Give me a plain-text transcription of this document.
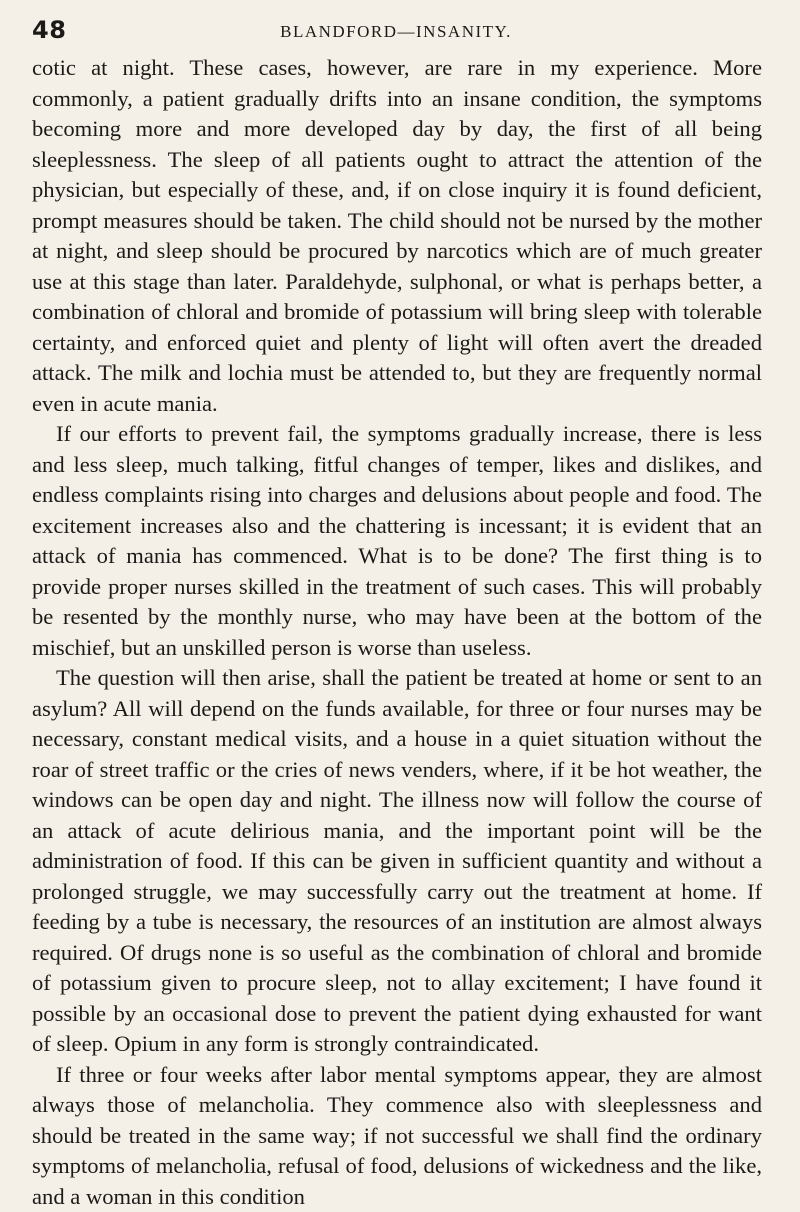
48	BLANDFORD—INSANITY.

cotic at night. These cases, however, are rare in my experience. More commonly, a patient gradually drifts into an insane condition, the symptoms becoming more and more developed day by day, the first of all being sleeplessness. The sleep of all patients ought to attract the attention of the physician, but especially of these, and, if on close inquiry it is found deficient, prompt measures should be taken. The child should not be nursed by the mother at night, and sleep should be procured by narcotics which are of much greater use at this stage than later. Paraldehyde, sulphonal, or what is perhaps better, a combination of chloral and bromide of potassium will bring sleep with tolerable certainty, and enforced quiet and plenty of light will often avert the dreaded attack. The milk and lochia must be attended to, but they are frequently normal even in acute mania.

If our efforts to prevent fail, the symptoms gradually increase, there is less and less sleep, much talking, fitful changes of temper, likes and dislikes, and endless complaints rising into charges and delusions about people and food. The excitement increases also and the chattering is incessant; it is evident that an attack of mania has commenced. What is to be done? The first thing is to provide proper nurses skilled in the treatment of such cases. This will probably be resented by the monthly nurse, who may have been at the bottom of the mischief, but an unskilled person is worse than useless.

The question will then arise, shall the patient be treated at home or sent to an asylum? All will depend on the funds available, for three or four nurses may be necessary, constant medical visits, and a house in a quiet situation without the roar of street traffic or the cries of news venders, where, if it be hot weather, the windows can be open day and night. The illness now will follow the course of an attack of acute delirious mania, and the important point will be the administration of food. If this can be given in sufficient quantity and without a prolonged struggle, we may successfully carry out the treatment at home. If feeding by a tube is necessary, the resources of an institution are almost always required. Of drugs none is so useful as the combination of chloral and bromide of potassium given to procure sleep, not to allay excitement; I have found it possible by an occasional dose to prevent the patient dying exhausted for want of sleep. Opium in any form is strongly contraindicated.

If three or four weeks after labor mental symptoms appear, they are almost always those of melancholia. They commence also with sleeplessness and should be treated in the same way; if not successful we shall find the ordinary symptoms of melancholia, refusal of food, delusions of wickedness and the like, and a woman in this condition
